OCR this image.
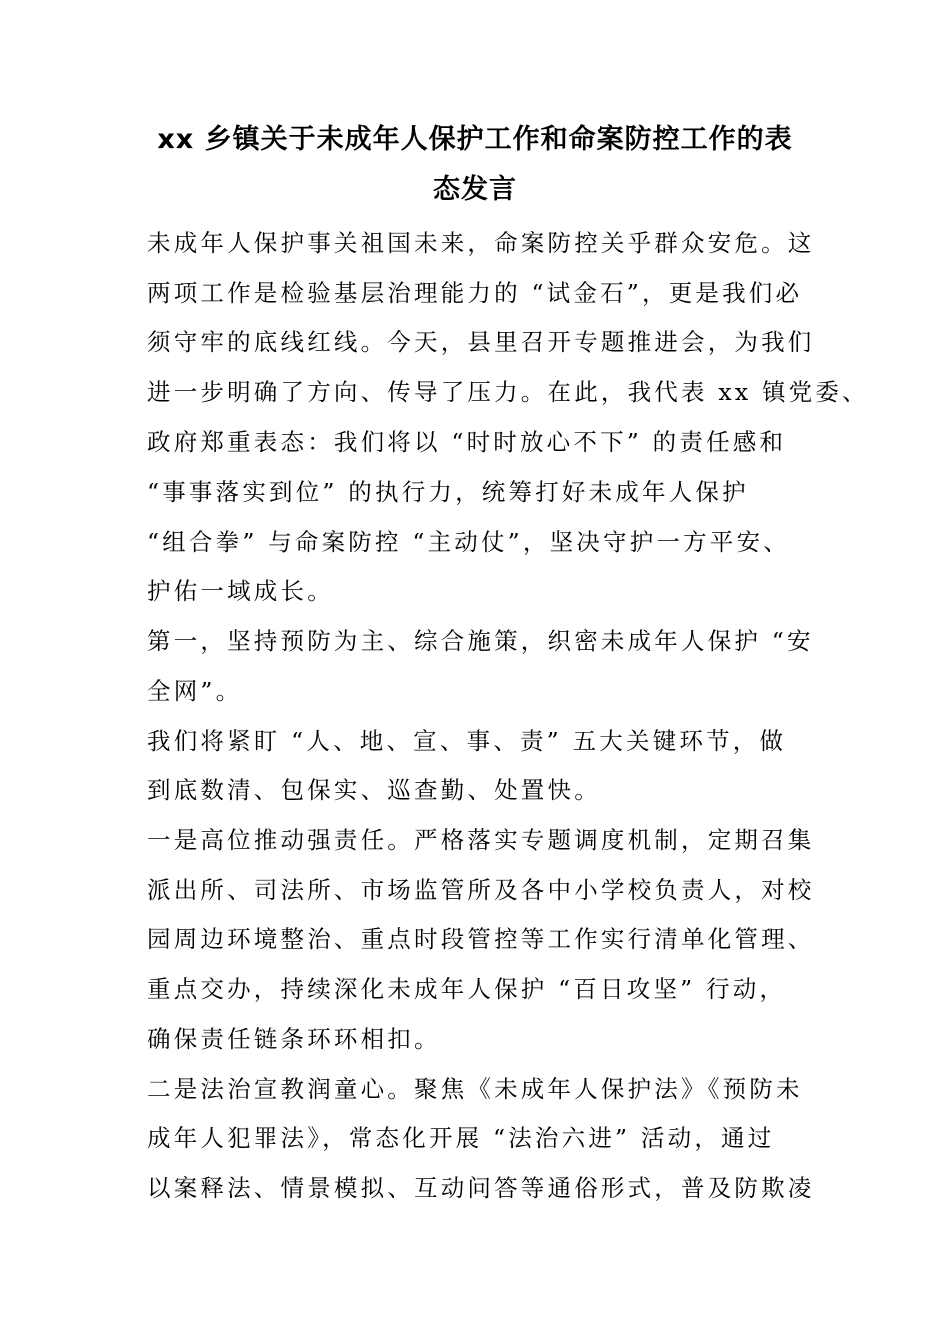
xx 乡镇关于未成年人保护工作和命案防控工作的表
态发言
未成年人保护事关祖国未来，命案防控关乎群众安危。这
两项工作是检验基层治理能力的 “试金石”，更是我们必
须守牢的底线红线。今天，县里召开专题推进会，为我们
进一步明确了方向、传导了压力。在此，我代表 xx 镇党委、
政府郑重表态：我们将以 “时时放心不下” 的责任感和
“事事落实到位” 的执行力，统筹打好未成年人保护
“组合拳” 与命案防控 “主动仗”，坚决守护一方平安、
护佑一域成长。
第一，坚持预防为主、综合施策，织密未成年人保护 “安
全网”。
我们将紧盯 “人、地、宣、事、责” 五大关键环节，做
到底数清、包保实、巡查勤、处置快。
一是高位推动强责任。严格落实专题调度机制，定期召集
派出所、司法所、市场监管所及各中小学校负责人，对校
园周边环境整治、重点时段管控等工作实行清单化管理、
重点交办，持续深化未成年人保护 “百日攻坚” 行动，
确保责任链条环环相扣。
二是法治宣教润童心。聚焦《未成年人保护法》《预防未
成年人犯罪法》，常态化开展 “法治六进” 活动，通过
以案释法、情景模拟、互动问答等通俗形式，普及防欺凌
